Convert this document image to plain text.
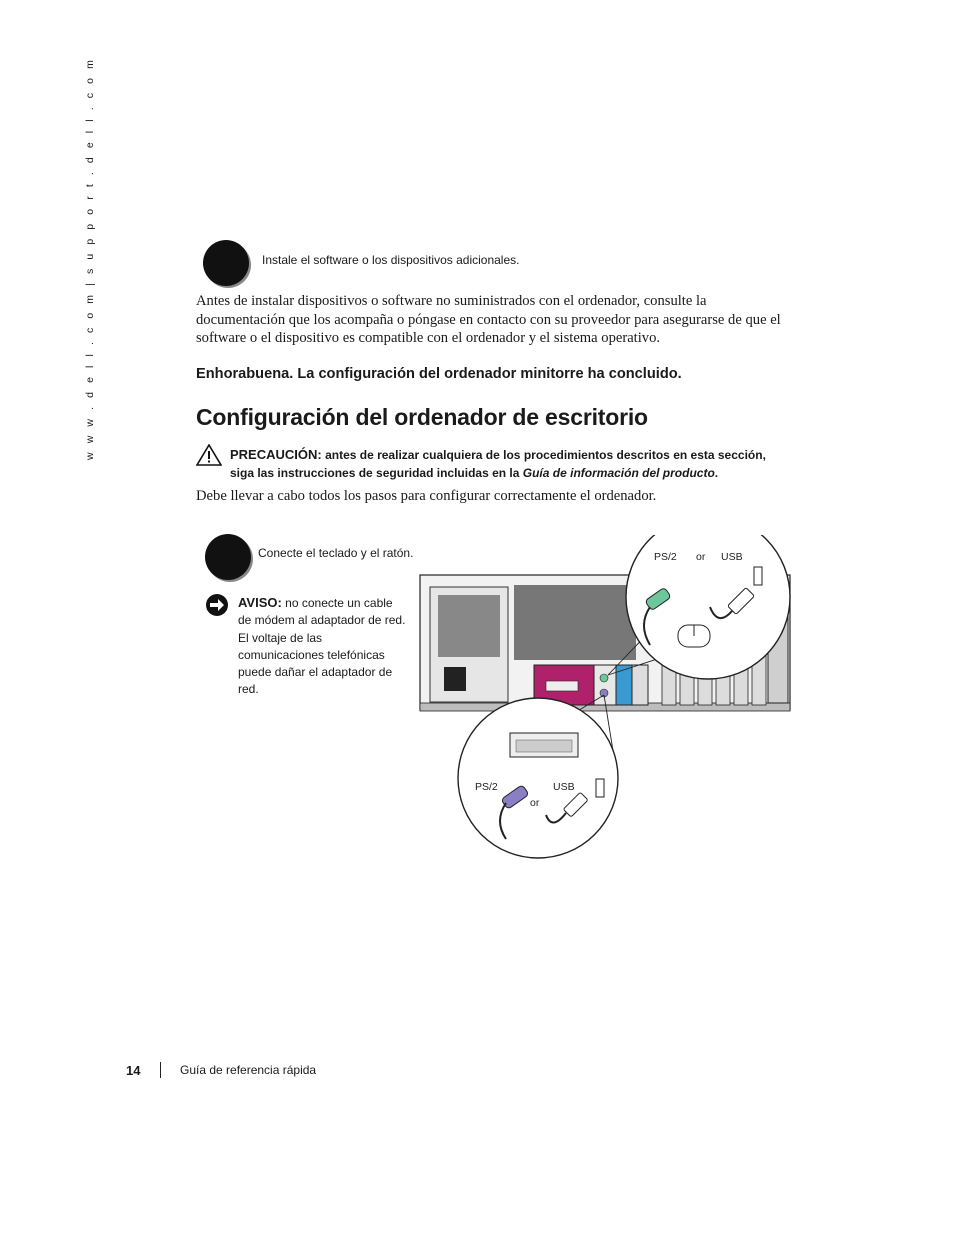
w w w . d e l l . c o m | s u p p o r t . d e l l . c o m	Instale el software o los dispositivos adicionales.
Antes de instalar dispositivos o software no suministrados con el ordenador, consulte la documentación que los acompaña o póngase en contacto con su proveedor para asegurarse de que el software o el dispositivo es compatible con el ordenador y el sistema operativo.
Enhorabuena. La configuración del ordenador minitorre ha concluido.
Configuración del ordenador de escritorio
PRECAUCIÓN: antes de realizar cualquiera de los procedimientos descritos en esta sección, siga las instrucciones de seguridad incluidas en la Guía de información del producto.
Debe llevar a cabo todos los pasos para configurar correctamente el ordenador.
Conecte el teclado y el ratón.
AVISO: no conecte un cable de módem al adaptador de red. El voltaje de las comunicaciones telefónicas puede dañar el adaptador de red.
PS/2 or USB
PS/2
or
USB
14	Guía de referencia rápida
